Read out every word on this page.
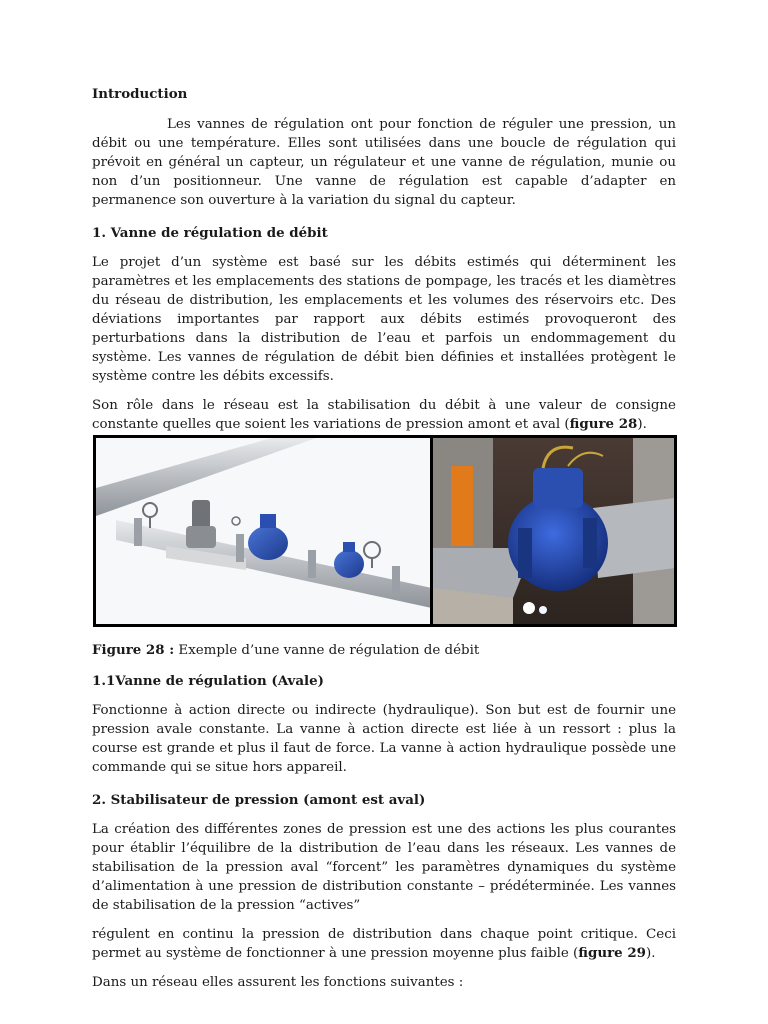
Introduction

Les vannes de régulation ont pour fonction de réguler une pression, un débit ou une température. Elles sont utilisées dans une boucle de régulation qui prévoit en général un capteur, un régulateur et une vanne de régulation, munie ou non d’un positionneur. Une vanne de régulation est capable d’adapter en permanence son ouverture à la variation du signal du capteur.

1. Vanne de régulation de débit

Le projet d’un système est basé sur les débits estimés qui déterminent les paramètres et les emplacements des stations de pompage, les tracés et les diamètres du réseau de distribution, les emplacements et les volumes des réservoirs etc. Des déviations importantes par rapport aux débits estimés provoqueront des perturbations dans la distribution de l’eau et parfois un endommagement du système. Les vannes de régulation de débit bien définies et installées protègent le système contre les débits excessifs.

Son rôle dans le réseau est la stabilisation du débit à une valeur de consigne constante quelles que soient les variations de pression amont et aval (figure 28).

Figure 28 : Exemple d’une vanne de régulation de débit

1.1Vanne de régulation (Avale)

Fonctionne à action directe ou indirecte (hydraulique). Son but est de fournir une pression avale constante. La vanne à action directe est liée à un ressort : plus la course est grande et plus il faut de force. La vanne à action hydraulique possède une commande qui se situe hors appareil.

2. Stabilisateur de pression (amont est aval)

La création des différentes zones de pression est une des actions les plus courantes pour établir l’équilibre de la distribution de l’eau dans les réseaux. Les vannes de stabilisation de la pression aval “forcent” les paramètres dynamiques du système d’alimentation à une pression de distribution constante – prédéterminée. Les vannes de stabilisation de la pression “actives”

régulent en continu la pression de distribution dans chaque point critique. Ceci permet au système de fonctionner à une pression moyenne plus faible (figure 29).

Dans un réseau elles assurent les fonctions suivantes :
